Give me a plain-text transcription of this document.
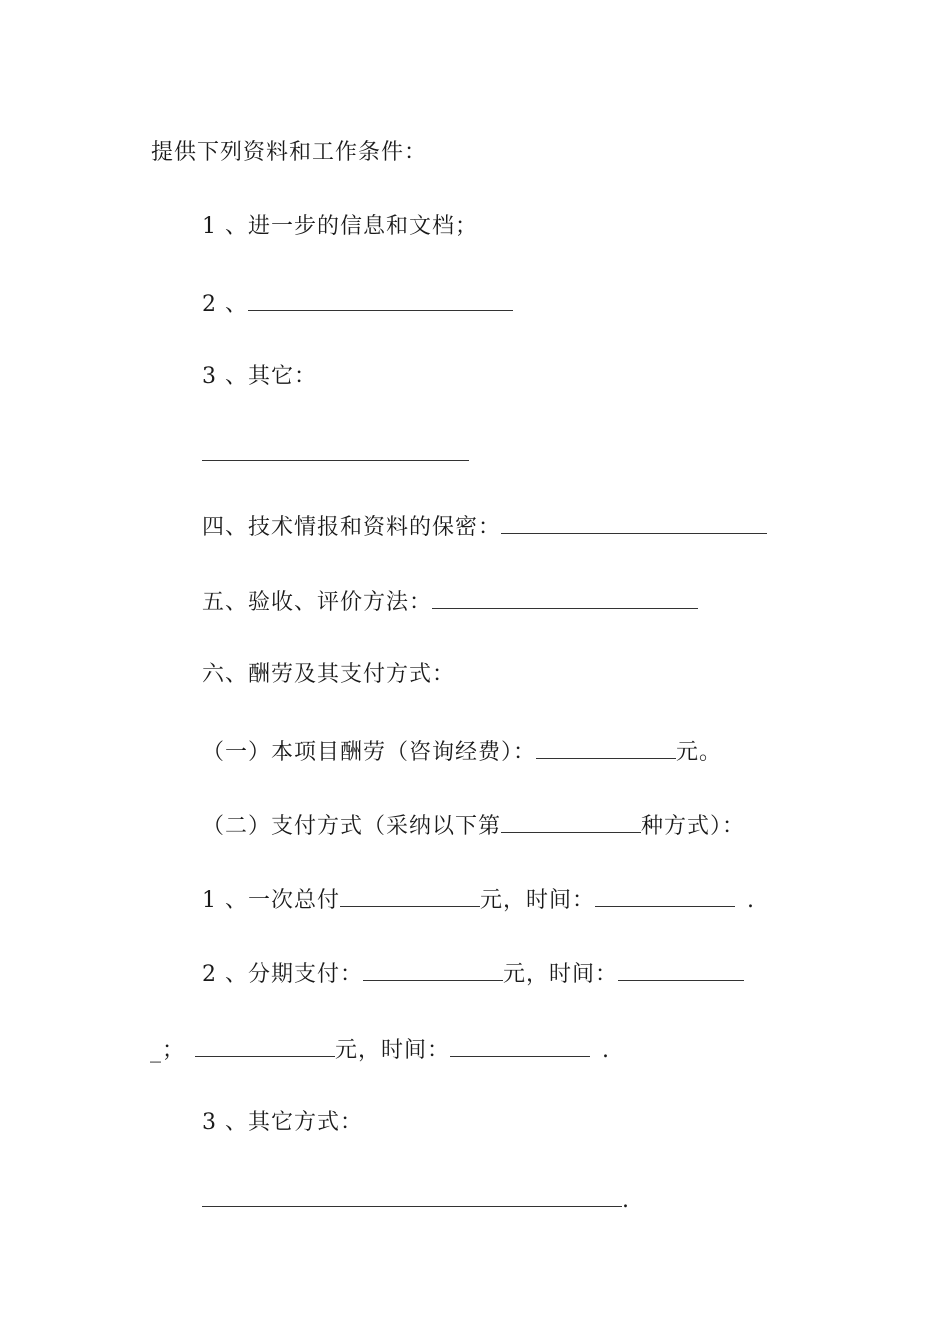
提供下列资料和工作条件：
1 、进一步的信息和文档；
2 、
3 、其它：
四、技术情报和资料的保密：
五、验收、评价方法：
六、酬劳及其支付方式：
（一）本项目酬劳（咨询经费）：	元。
（二）支付方式（采纳以下第	种方式）：
1 、一次总付	元，时间：	.
2 、分期支付：	元，时间：
_；	元，时间：	.
3 、其它方式：
.
